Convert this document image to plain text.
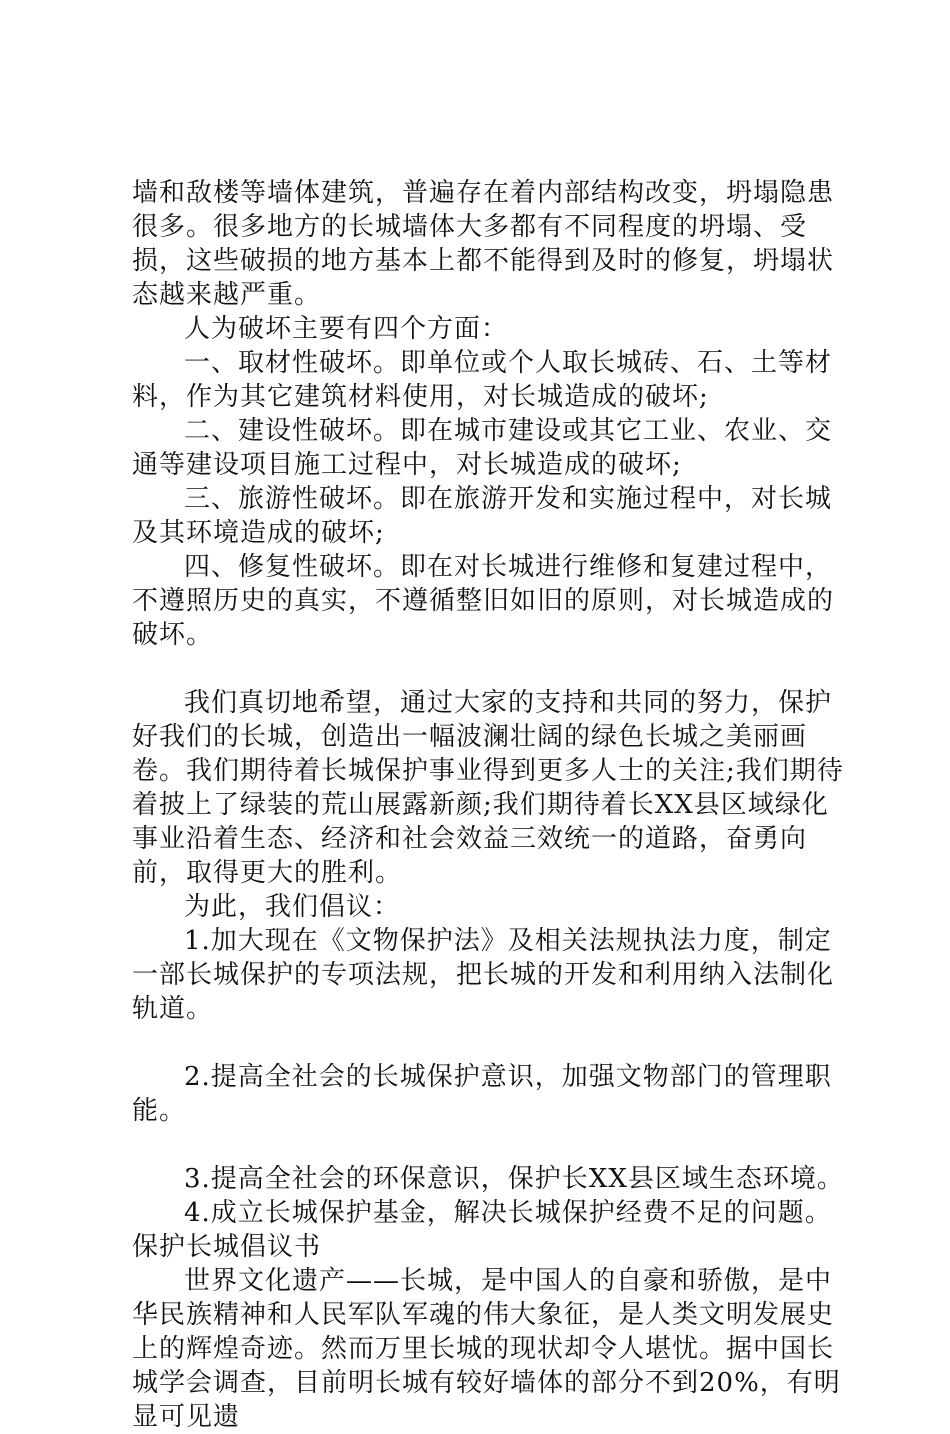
墙和敌楼等墙体建筑，普遍存在着内部结构改变，坍塌隐患很多。很多地方的长城墙体大多都有不同程度的坍塌、受损，这些破损的地方基本上都不能得到及时的修复，坍塌状态越来越严重。

人为破坏主要有四个方面：

一、取材性破坏。即单位或个人取长城砖、石、土等材料，作为其它建筑材料使用，对长城造成的破坏;

二、建设性破坏。即在城市建设或其它工业、农业、交通等建设项目施工过程中，对长城造成的破坏;

三、旅游性破坏。即在旅游开发和实施过程中，对长城及其环境造成的破坏;

四、修复性破坏。即在对长城进行维修和复建过程中，不遵照历史的真实，不遵循整旧如旧的原则，对长城造成的破坏。

我们真切地希望，通过大家的支持和共同的努力，保护好我们的长城，创造出一幅波澜壮阔的绿色长城之美丽画卷。我们期待着长城保护事业得到更多人士的关注;我们期待着披上了绿装的荒山展露新颜;我们期待着长XX县区域绿化事业沿着生态、经济和社会效益三效统一的道路，奋勇向前，取得更大的胜利。

为此，我们倡议：

1.加大现在《文物保护法》及相关法规执法力度，制定一部长城保护的专项法规，把长城的开发和利用纳入法制化轨道。

2.提高全社会的长城保护意识，加强文物部门的管理职能。

3.提高全社会的环保意识，保护长XX县区域生态环境。

4.成立长城保护基金，解决长城保护经费不足的问题。

保护长城倡议书

世界文化遗产——长城，是中国人的自豪和骄傲，是中华民族精神和人民军队军魂的伟大象征，是人类文明发展史上的辉煌奇迹。然而万里长城的现状却令人堪忧。据中国长城学会调查，目前明长城有较好墙体的部分不到20%，有明显可见遗
